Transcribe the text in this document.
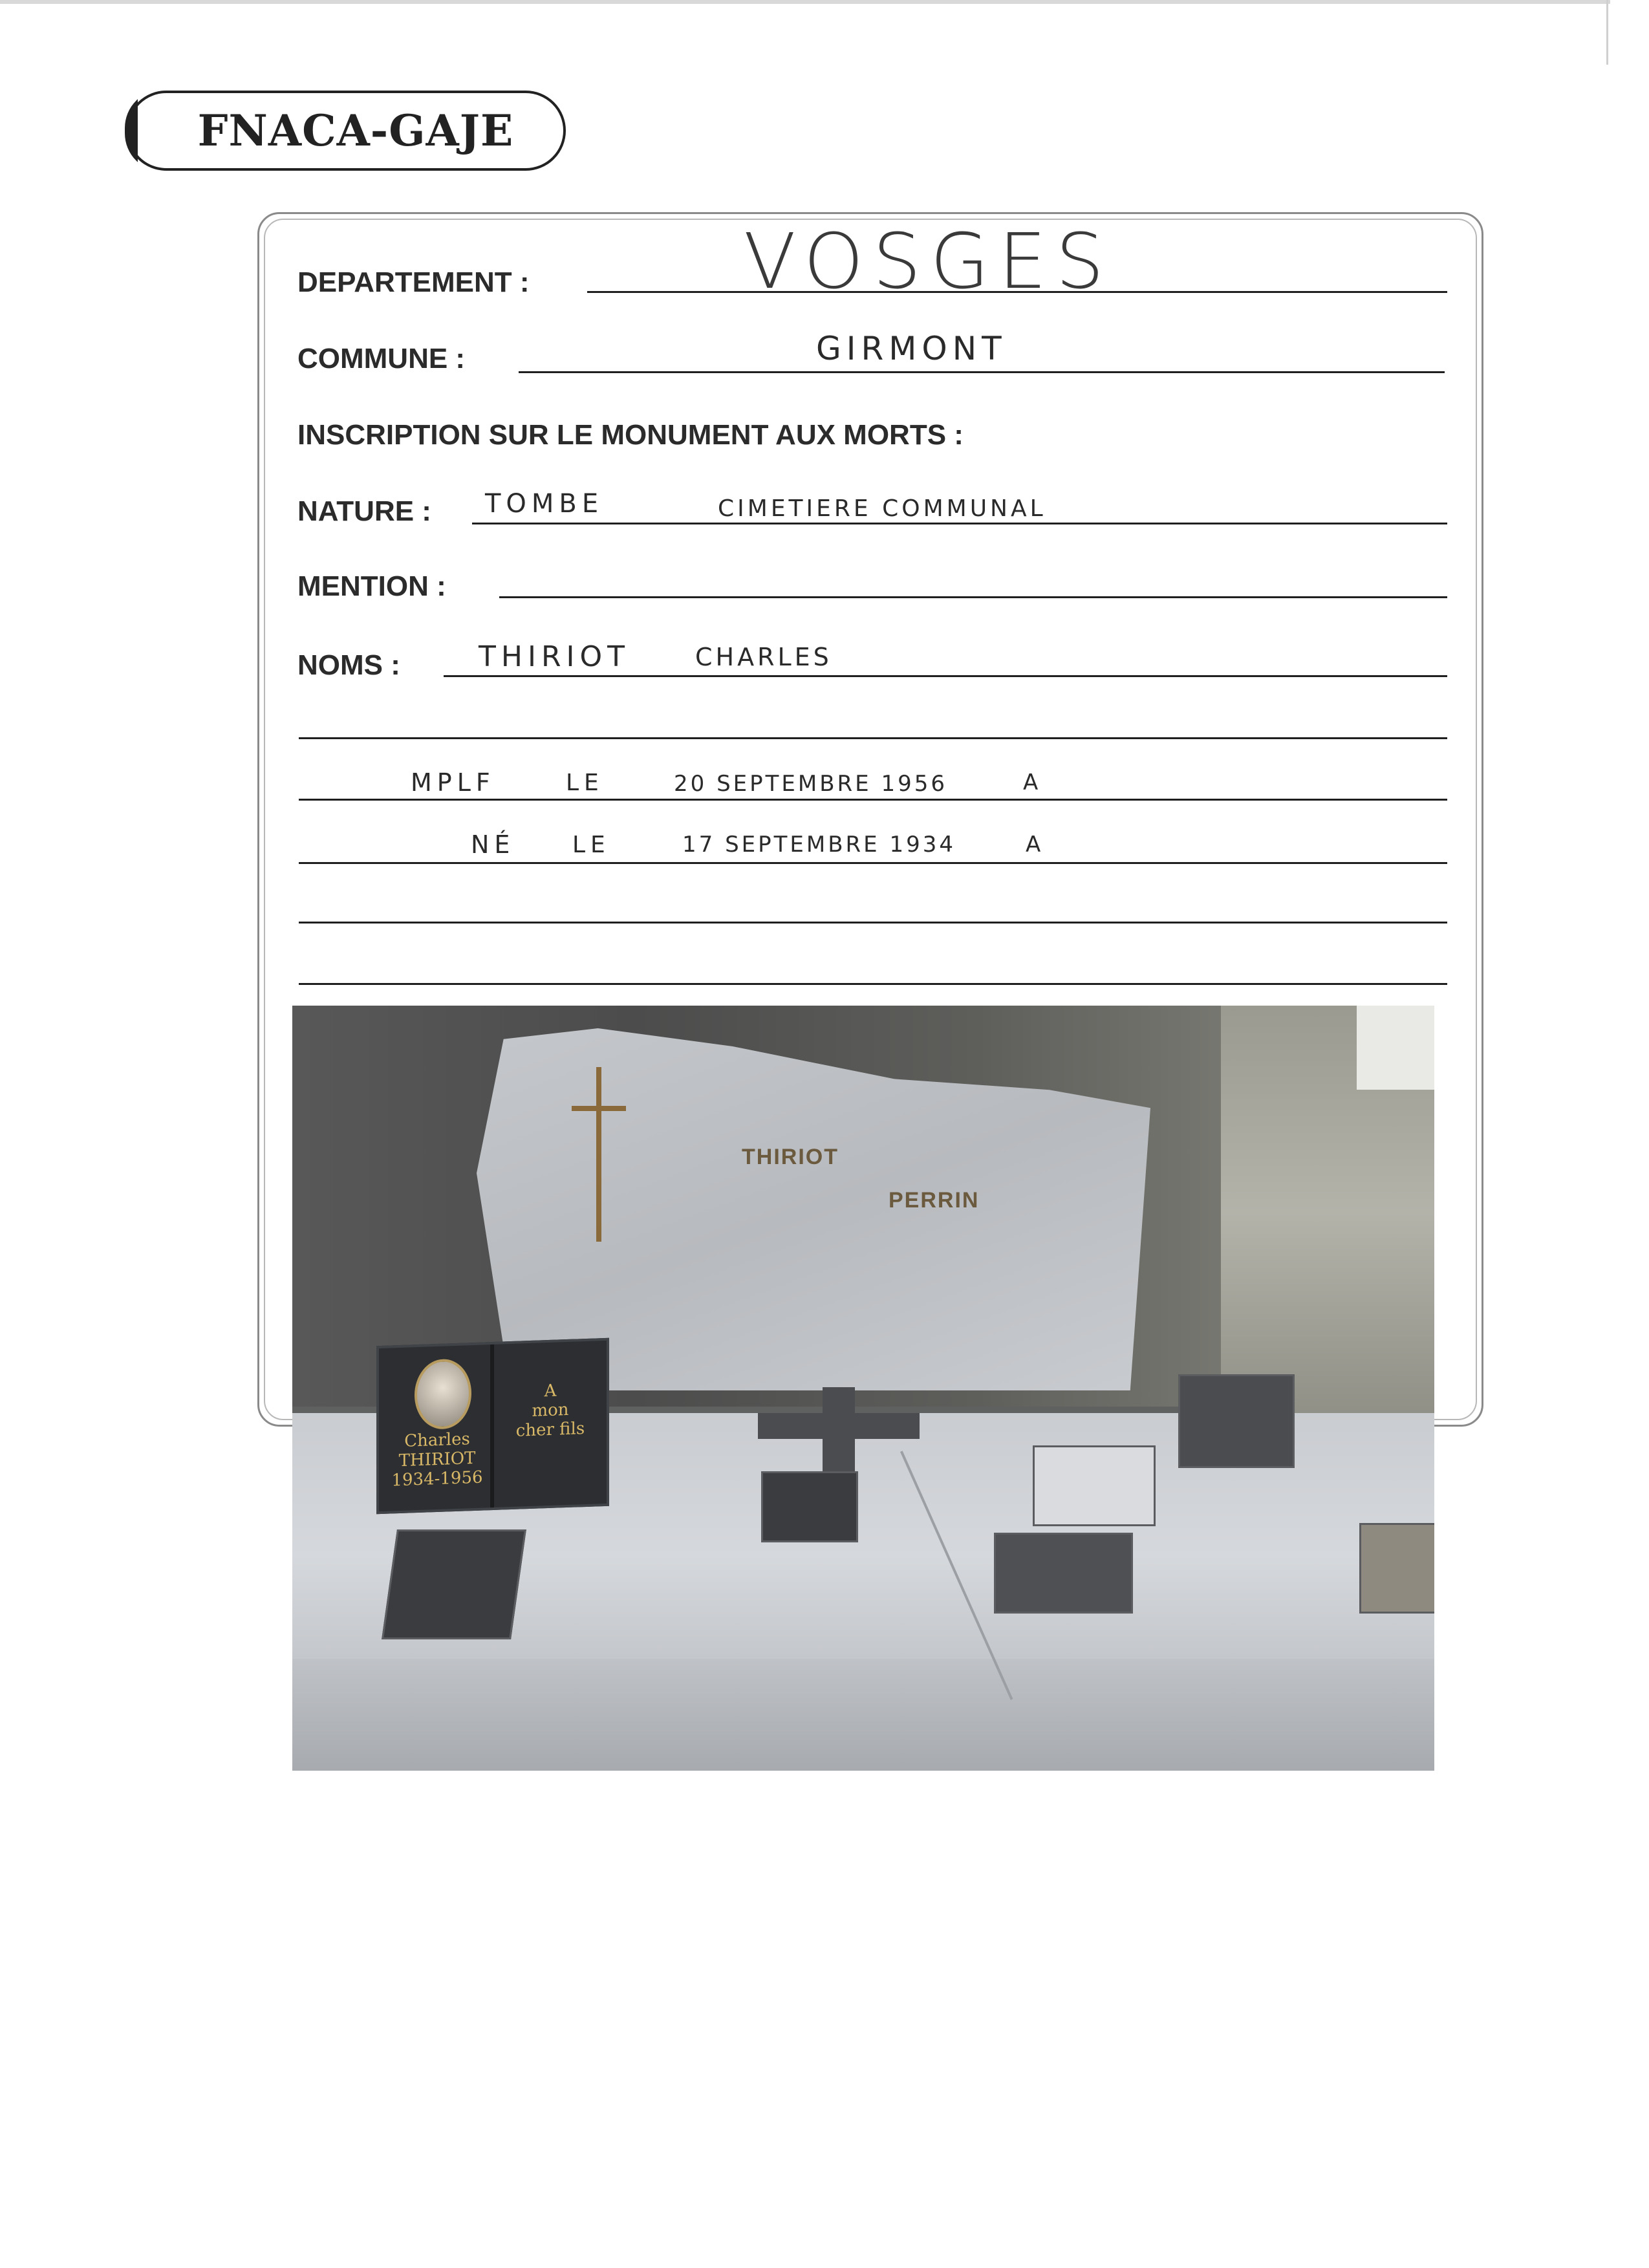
FNACA-GAJE
DEPARTEMENT :	VOSGES
COMMUNE :	GIRMONT
INSCRIPTION SUR LE MONUMENT AUX MORTS :
NATURE : TOMBE	CIMETIERE COMMUNAL
MENTION :
NOMS :	THIRIOT	CHARLES
MPLF	LE	20 SEPTEMBRE 1956	A
NÉ LE	17 SEPTEMBRE 1934	A
THIRIOT
PERRIN
Charles
THIRIOT
1934-1956
A
mon
cher fils
